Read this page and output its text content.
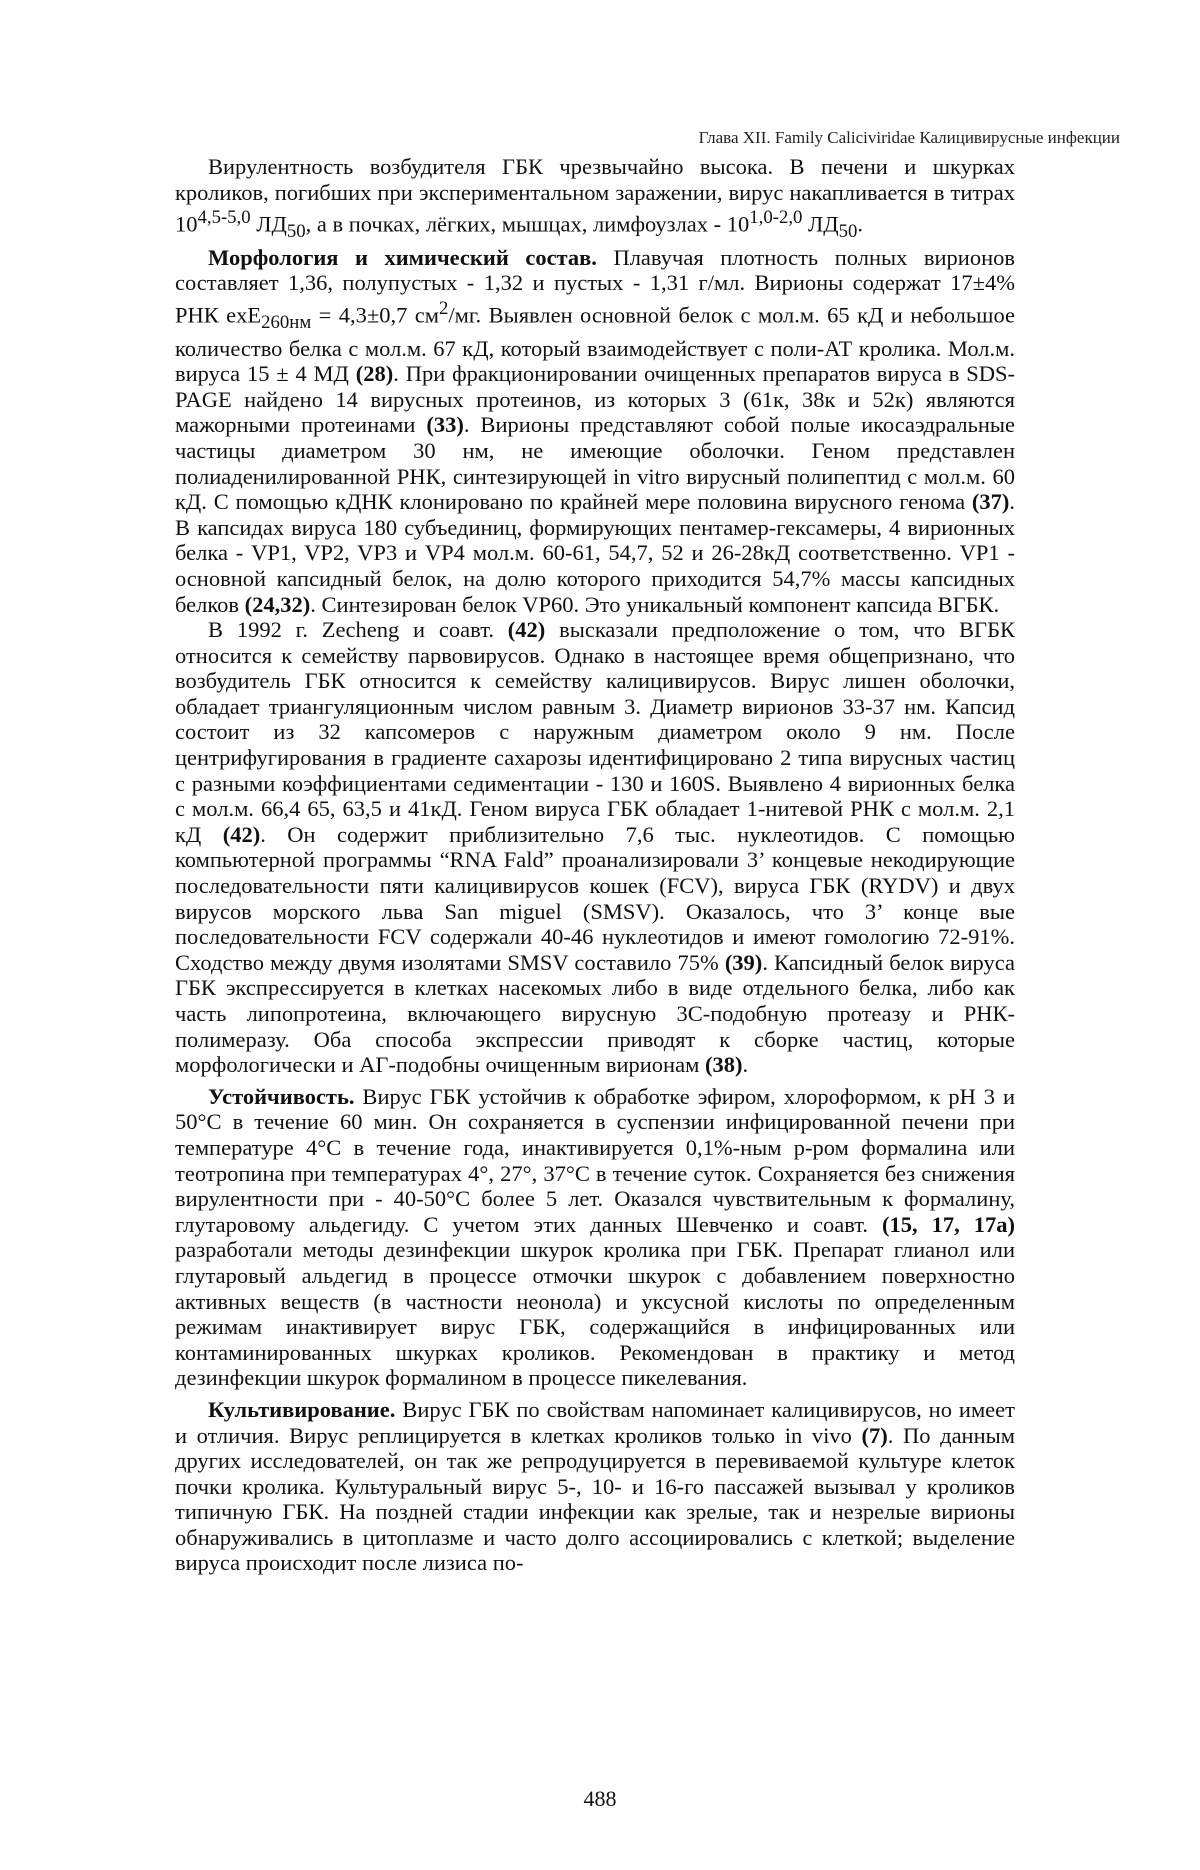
Глава XII. Family Caliciviridae Калицивирусные инфекции

Вирулентность возбудителя ГБК чрезвычайно высока. В печени и шкурках кроликов, погибших при экспериментальном заражении, вирус накапливается в титрах 10$^{4,5-5,0}$ $ЛД_{50}$, а в почках, лёгких, мышцах, лимфоузлах - 10$^{1,0-2,0}$ $ЛД_{50}$.

Морфология и химический состав. Плавучая плотность полных вирионов составляет 1,36, полупустых - 1,32 и пустых - 1,31 г/мл. Вирионы содержат 17±4% РНК exE$_{260нм}$ = 4,3±0,7 $см^2/мг$. Выявлен основной белок с мол.м. 65 кД и небольшое количество белка с мол.м. 67 кД, который взаимодействует с поли-АТ кролика. Мол.м. вируса 15 ± 4 МД (28). При фракционировании очищенных препаратов вируса в SDS-PAGE найдено 14 вирусных протеинов, из которых 3 (61к, 38к и 52к) являются мажорными протеинами (33). Вирионы представляют собой полые икосаэдральные частицы диаметром 30 нм, не имеющие оболочки. Геном представлен полиаденилированной РНК, синтезирующей in vitro вирусный полипептид с мол.м. 60 кД. С помощью кДНК клонировано по крайней мере половина вирусного генома (37). В капсидах вируса 180 субъединиц, формирующих пентамер-гексамеры, 4 вирионных белка - VP1, VP2, VP3 и VP4 мол.м. 60-61, 54,7, 52 и 26-28кД соответственно. VP1 - основной капсидный белок, на долю которого приходится 54,7% массы капсидных белков (24,32). Синтезирован белок VP60. Это уникальный компонент капсида ВГБК.

В 1992 г. Zecheng и соавт. (42) высказали предположение о том, что ВГБК относится к семейству парвовирусов. Однако в настоящее время общепризнано, что возбудитель ГБК относится к семейству калицивирусов. Вирус лишен оболочки, обладает триангуляционным числом равным 3. Диаметр вирионов 33-37 нм. Капсид состоит из 32 капсомеров с наружным диаметром около 9 нм. После центрифугирования в градиенте сахарозы идентифицировано 2 типа вирусных частиц с разными коэффициентами седиментации - 130 и 160S. Выявлено 4 вирионных белка с мол.м. 66,4 65, 63,5 и 41кД. Геном вируса ГБК обладает 1-нитевой РНК с мол.м. 2,1 кД (42). Он содержит приблизительно 7,6 тыс. нуклеотидов. С помощью компьютерной программы “RNA Fald” проанализировали 3’ концевые некодирующие последовательности пяти калицивирусов кошек (FCV), вируса ГБК (RYDV) и двух вирусов морского льва San miguel (SMSV). Оказалось, что 3’ конце вые последовательности FCV содержали 40-46 нуклеотидов и имеют гомологию 72-91%. Сходство между двумя изолятами SMSV составило 75% (39). Капсидный белок вируса ГБК экспрессируется в клетках насекомых либо в виде отдельного белка, либо как часть липопротеина, включающего вирусную 3С-подобную протеазу и РНК-полимеразу. Оба способа экспрессии приводят к сборке частиц, которые морфологически и АГ-подобны очищенным вирионам (38).

Устойчивость. Вирус ГБК устойчив к обработке эфиром, хлороформом, к рН 3 и 50°С в течение 60 мин. Он сохраняется в суспензии инфицированной печени при температуре 4°С в течение года, инактивируется 0,1%-ным р-ром формалина или теотропина при температурах 4°, 27°, 37°С в течение суток. Сохраняется без снижения вирулентности при - 40-50°С более 5 лет. Оказался чувствительным к формалину, глутаровому альдегиду. С учетом этих данных Шевченко и соавт. (15, 17, 17а) разработали методы дезинфекции шкурок кролика при ГБК. Препарат глианол или глутаровый альдегид в процессе отмочки шкурок с добавлением поверхностно активных веществ (в частности неонола) и уксусной кислоты по определенным режимам инактивирует вирус ГБК, содержащийся в инфицированных или контаминированных шкурках кроликов. Рекомендован в практику и метод дезинфекции шкурок формалином в процессе пикелевания.

Культивирование. Вирус ГБК по свойствам напоминает калицивирусов, но имеет и отличия. Вирус реплицируется в клетках кроликов только in vivo (7). По данным других исследователей, он так же репродуцируется в перевиваемой культуре клеток почки кролика. Культуральный вирус 5-, 10- и 16-го пассажей вызывал у кроликов типичную ГБК. На поздней стадии инфекции как зрелые, так и незрелые вирионы обнаруживались в цитоплазме и часто долго ассоциировались с клеткой; выделение вируса происходит после лизиса по-

488
